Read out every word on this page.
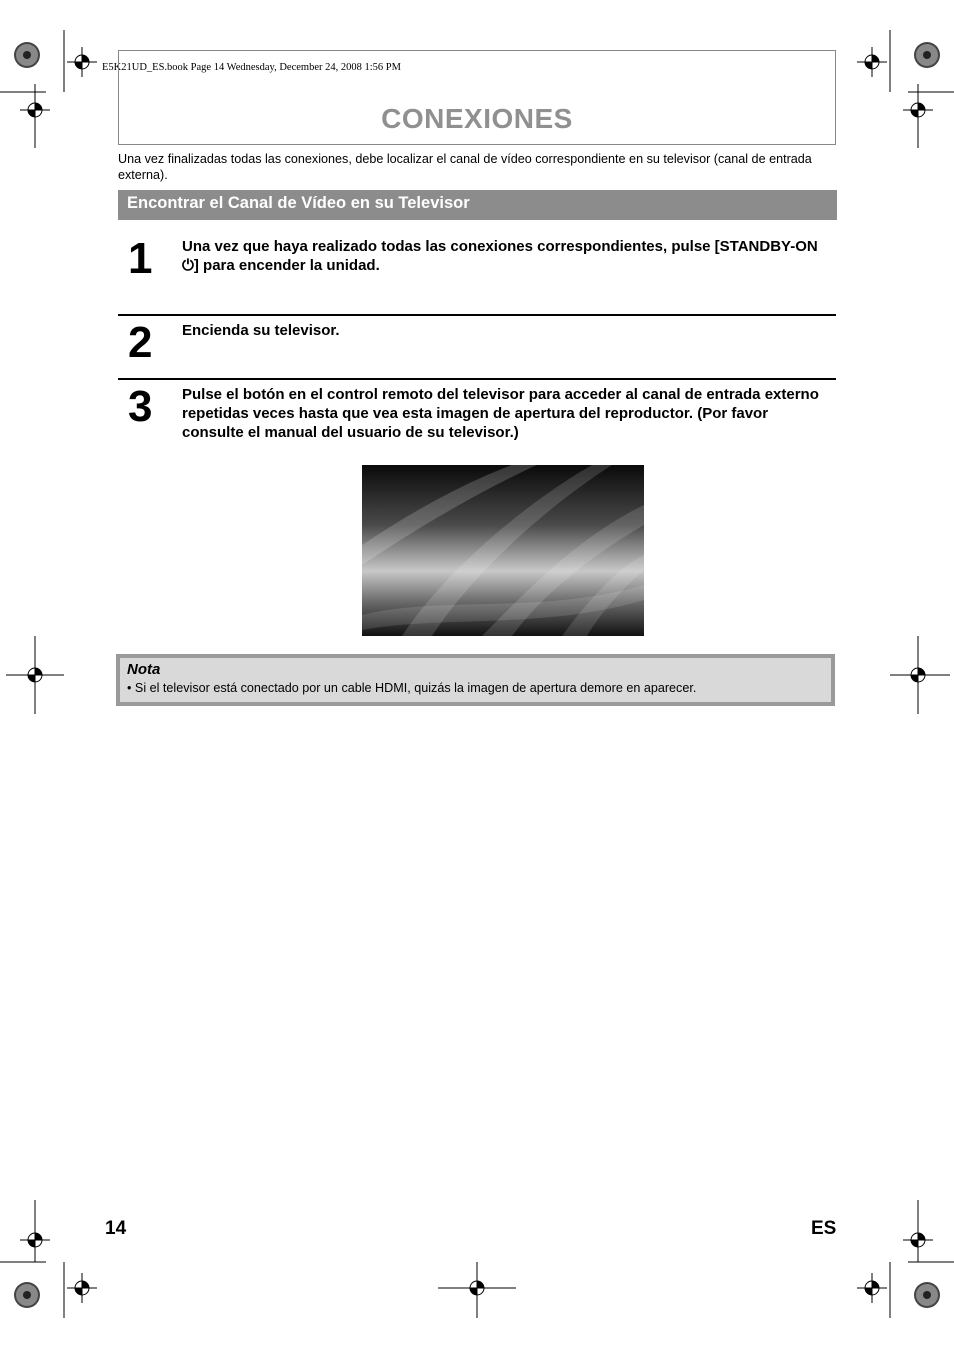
E5K21UD_ES.book Page 14 Wednesday, December 24, 2008 1:56 PM
CONEXIONES
Una vez finalizadas todas las conexiones, debe localizar el canal de vídeo correspondiente en su televisor (canal de entrada externa).
Encontrar el Canal de Vídeo en su Televisor
1 Una vez que haya realizado todas las conexiones correspondientes, pulse [STANDBY-ON ⏻] para encender la unidad.
2 Encienda su televisor.
3 Pulse el botón en el control remoto del televisor para acceder al canal de entrada externo repetidas veces hasta que vea esta imagen de apertura del reproductor. (Por favor consulte el manual del usuario de su televisor.)
Nota
• Si el televisor está conectado por un cable HDMI, quizás la imagen de apertura demore en aparecer.
14	ES
